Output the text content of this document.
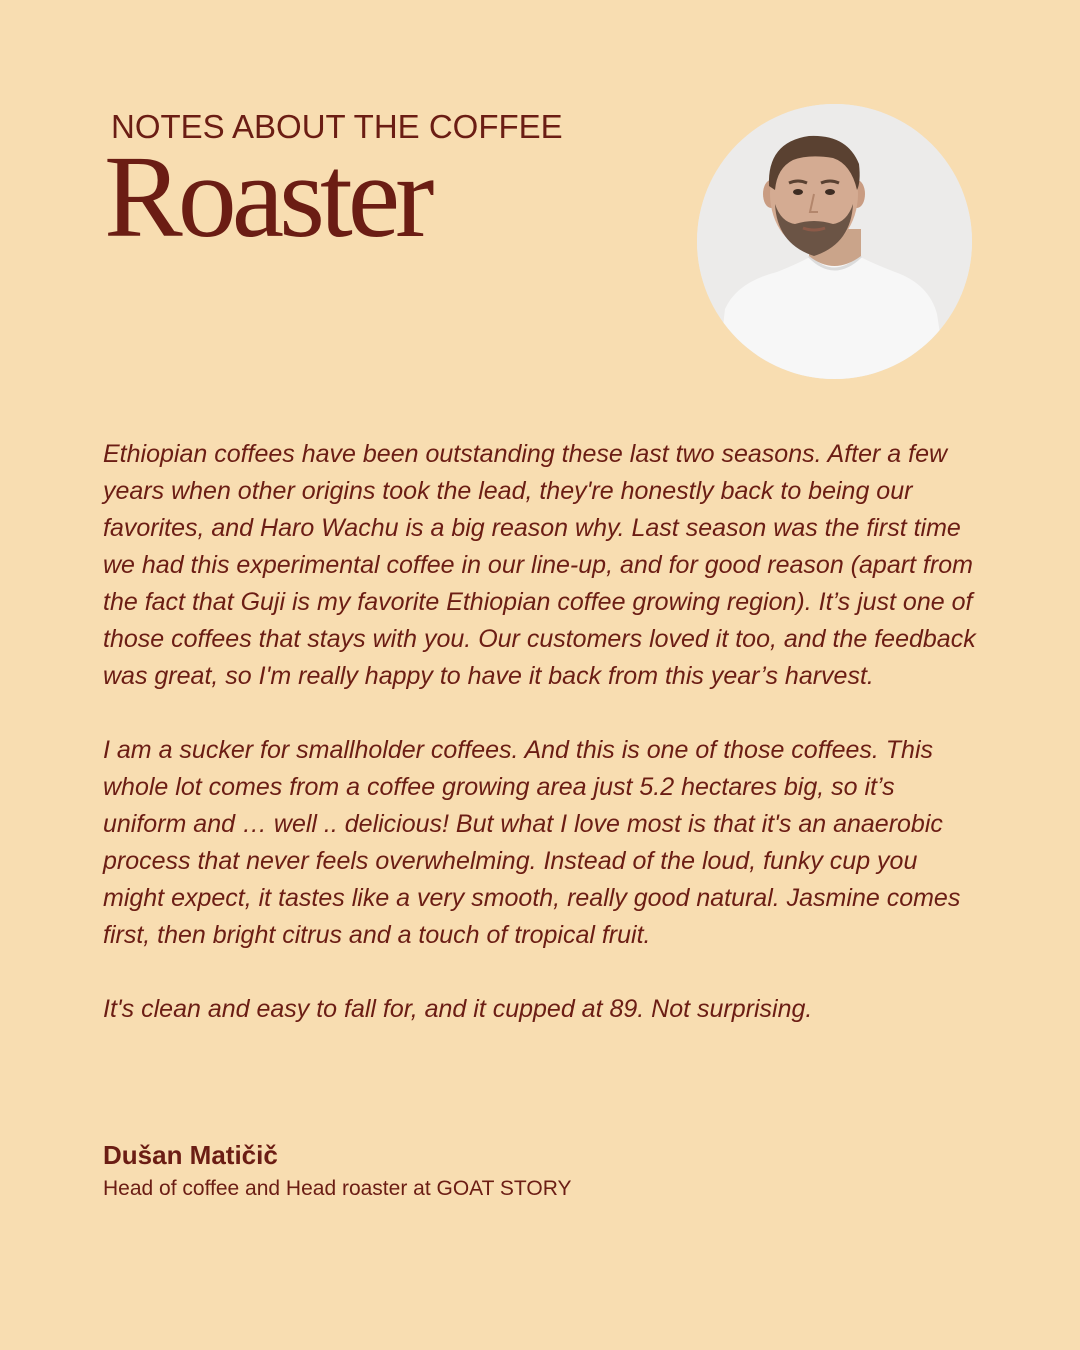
NOTES ABOUT THE COFFEE
Roaster

Ethiopian coffees have been outstanding these last two seasons. After a few years when other origins took the lead, they're honestly back to being our favorites, and Haro Wachu is a big reason why. Last season was the first time we had this experimental coffee in our line-up, and for good reason (apart from the fact that Guji is my favorite Ethiopian coffee growing region). It’s just one of those coffees that stays with you. Our customers loved it too, and the feedback was great, so I'm really happy to have it back from this year’s harvest.

I am a sucker for smallholder coffees. And this is one of those coffees. This whole lot comes from a coffee growing area just 5.2 hectares big, so it’s uniform and … well .. delicious! But what I love most is that it's an anaerobic process that never feels overwhelming. Instead of the loud, funky cup you might expect, it tastes like a very smooth, really good natural. Jasmine comes first, then bright citrus and a touch of tropical fruit.

It's clean and easy to fall for, and it cupped at 89. Not surprising.

Dušan Matičič
Head of coffee and Head roaster at GOAT STORY
